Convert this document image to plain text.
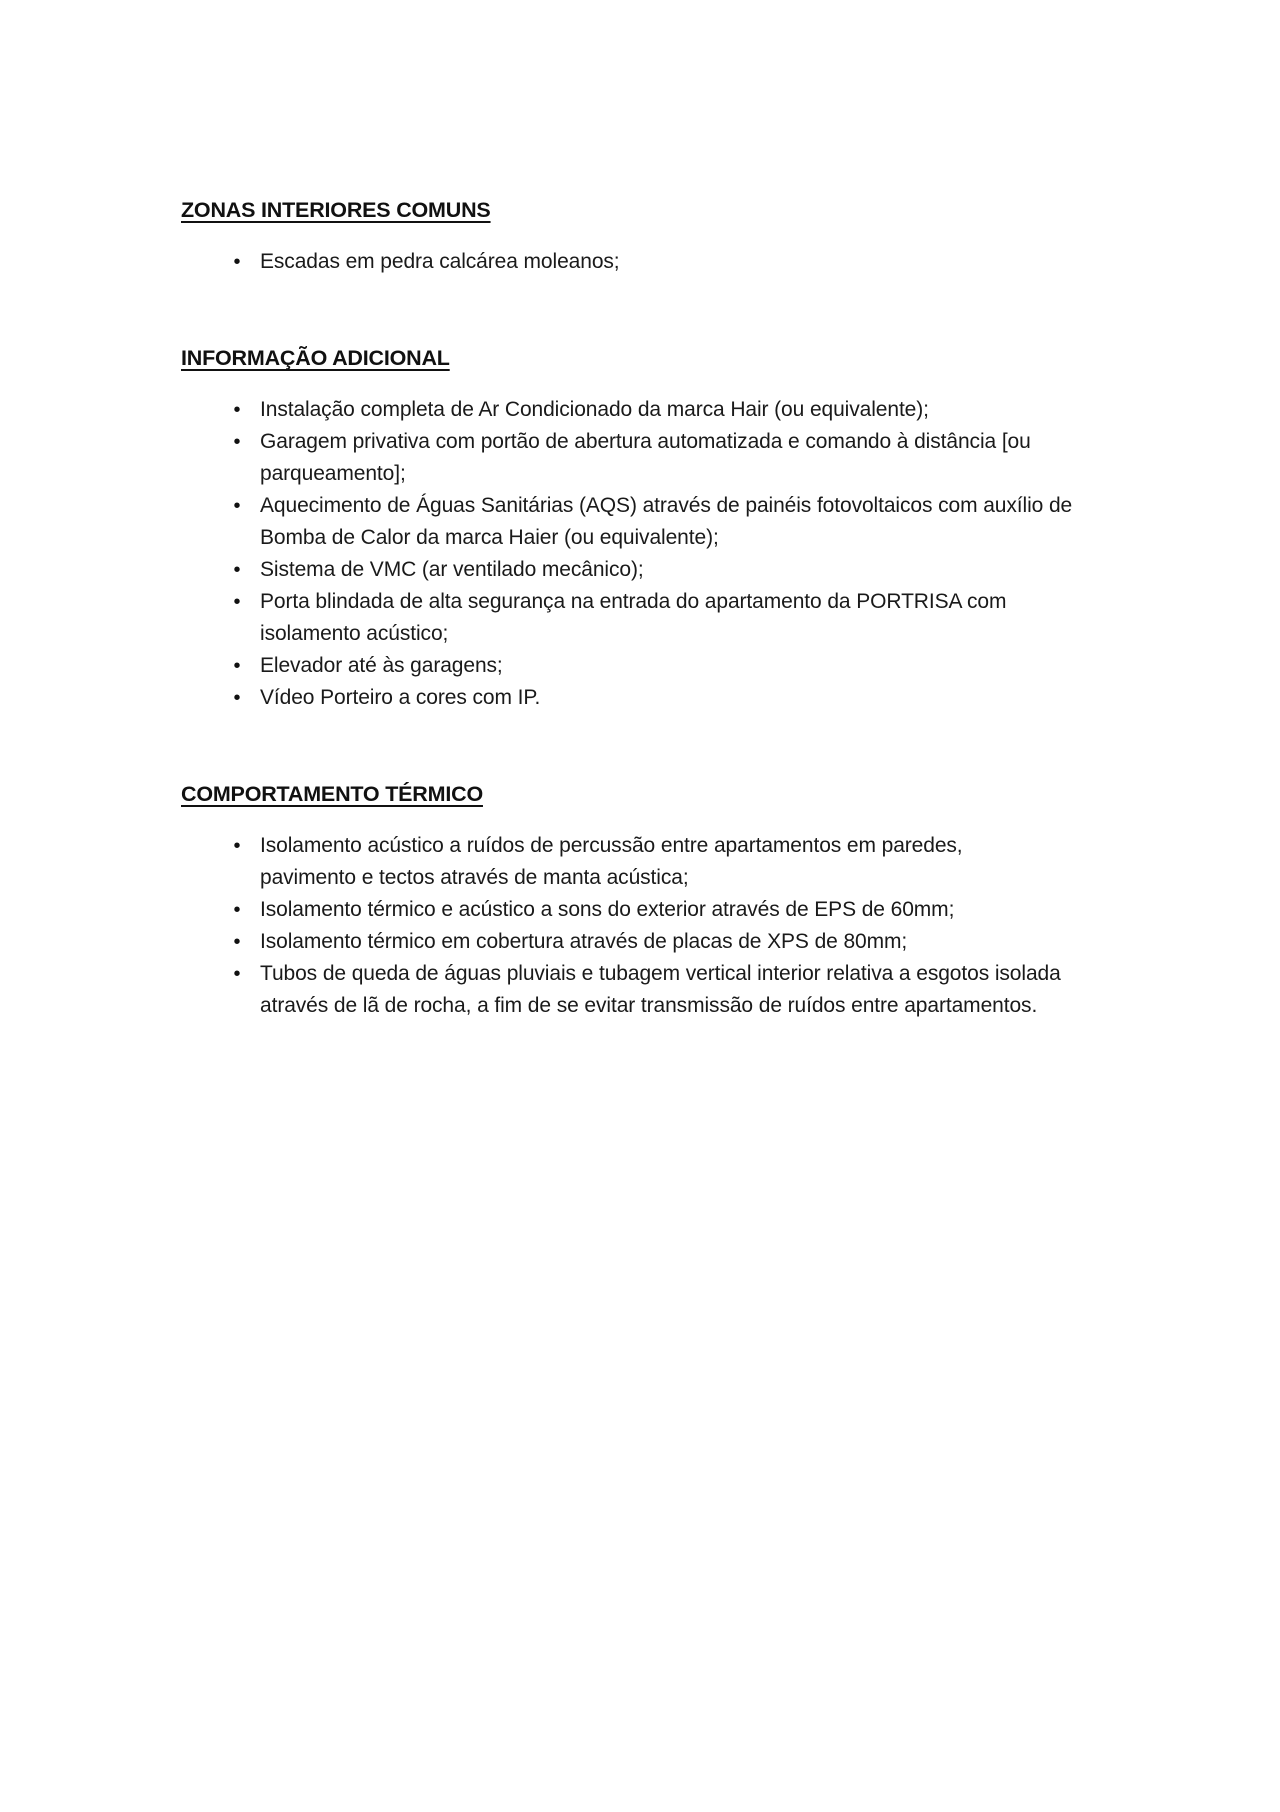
ZONAS INTERIORES COMUNS
• Escadas em pedra calcárea moleanos;
INFORMAÇÃO ADICIONAL
• Instalação completa de Ar Condicionado da marca Hair (ou equivalente);
• Garagem privativa com portão de abertura automatizada e comando à distância [ou
parqueamento];
• Aquecimento de Águas Sanitárias (AQS) através de painéis fotovoltaicos com auxílio de
Bomba de Calor da marca Haier (ou equivalente);
• Sistema de VMC (ar ventilado mecânico);
• Porta blindada de alta segurança na entrada do apartamento da PORTRISA com
isolamento acústico;
• Elevador até às garagens;
• Vídeo Porteiro a cores com IP.
COMPORTAMENTO TÉRMICO
• Isolamento acústico a ruídos de percussão entre apartamentos em paredes,
pavimento e tectos através de manta acústica;
• Isolamento térmico e acústico a sons do exterior através de EPS de 60mm;
• Isolamento térmico em cobertura através de placas de XPS de 80mm;
• Tubos de queda de águas pluviais e tubagem vertical interior relativa a esgotos isolada
através de lã de rocha, a fim de se evitar transmissão de ruídos entre apartamentos.
